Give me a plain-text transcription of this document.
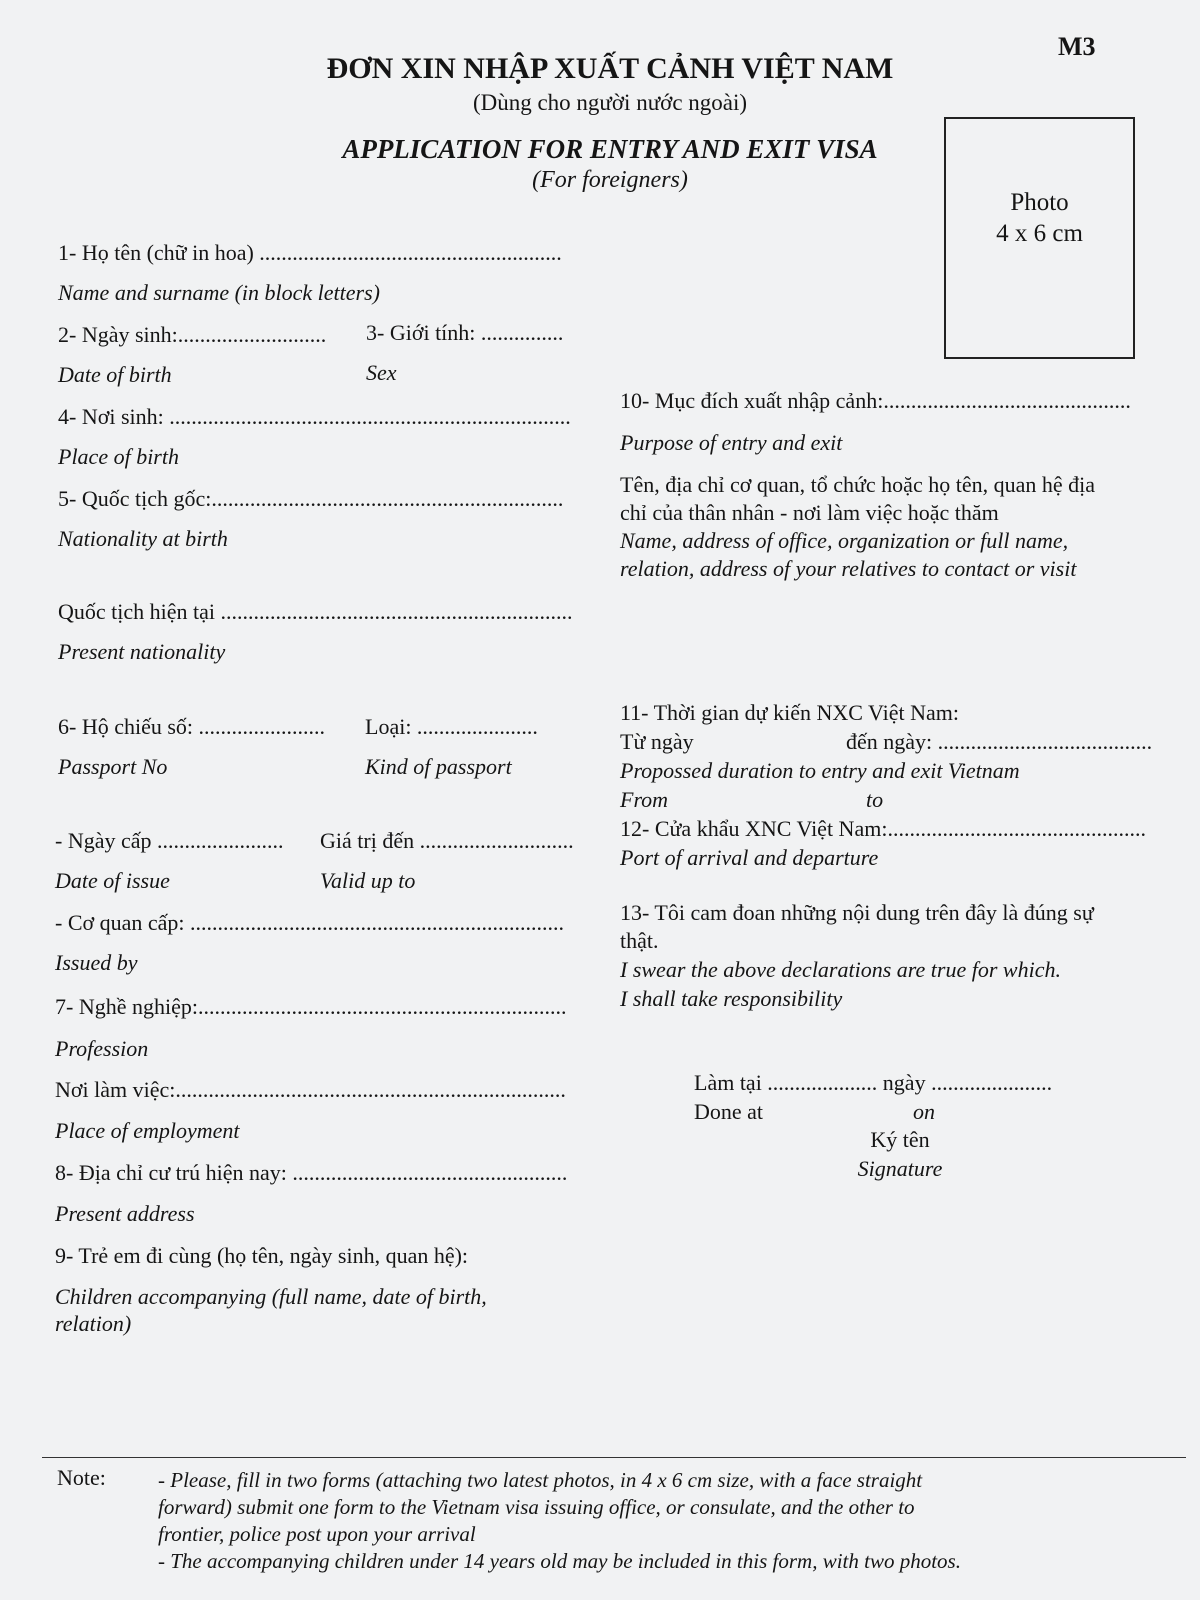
M3
ĐƠN XIN NHẬP XUẤT CẢNH VIỆT NAM
(Dùng cho người nước ngoài)
APPLICATION FOR ENTRY AND EXIT VISA
(For foreigners)
Photo
4 x 6 cm
1- Họ tên (chữ in hoa) .......................................................
Name and surname (in block letters)
2- Ngày sinh:........................... 3- Giới tính: ...............
Date of birth	Sex
4- Nơi sinh: .........................................................................
Place of birth
5- Quốc tịch gốc:................................................................
Nationality at birth
Quốc tịch hiện tại ................................................................
Present nationality
6- Hộ chiếu số: ....................... Loại: ......................
Passport No	Kind of passport
- Ngày cấp ....................... Giá trị đến ............................
Date of issue	Valid up to
- Cơ quan cấp: ....................................................................
Issued by
7- Nghề nghiệp:...................................................................
Profession
Nơi làm việc:.......................................................................
Place of employment
8- Địa chỉ cư trú hiện nay: ..................................................
Present address
9- Trẻ em đi cùng (họ tên, ngày sinh, quan hệ):
Children accompanying (full name, date of birth,
relation)
10- Mục đích xuất nhập cảnh:.............................................
Purpose of entry and exit
Tên, địa chỉ cơ quan, tổ chức hoặc họ tên, quan hệ địa
chỉ của thân nhân - nơi làm việc hoặc thăm
Name, address of office, organization or full name,
relation, address of your relatives to contact or visit
11- Thời gian dự kiến NXC Việt Nam:
Từ ngày	đến ngày: .......................................
Propossed duration to entry and exit Vietnam
From	to
12- Cửa khẩu XNC Việt Nam:...............................................
Port of arrival and departure
13- Tôi cam đoan những nội dung trên đây là đúng sự
thật.
I swear the above declarations are true for which.
I shall take responsibility
Làm tại .................... ngày ......................
Done at	on
Ký tên
Signature
Note: - Please, fill in two forms (attaching two latest photos, in 4 x 6 cm size, with a face straight
forward) submit one form to the Vietnam visa issuing office, or consulate, and the other to
frontier, police post upon your arrival
- The accompanying children under 14 years old may be included in this form, with two photos.
